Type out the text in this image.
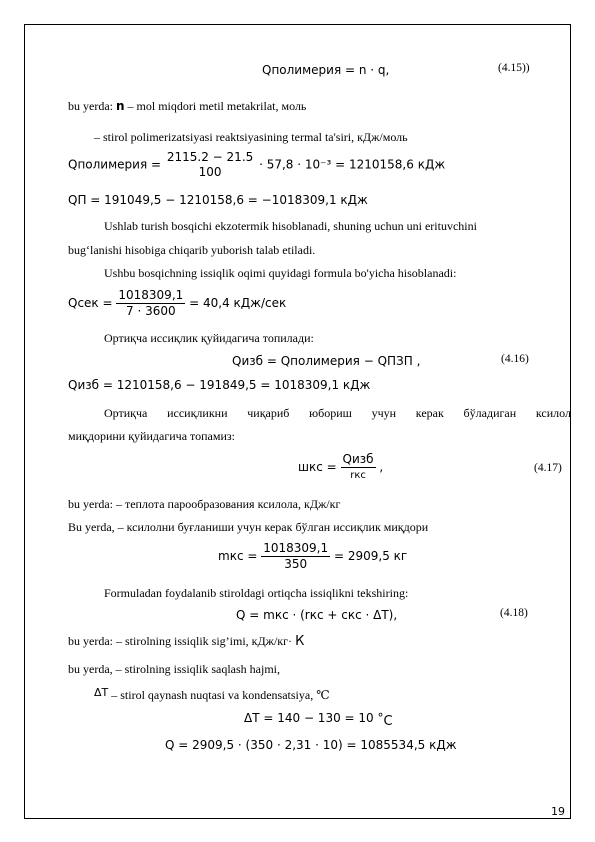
Qполимерия = n · q,	(4.15))
bu yerda: n – mol miqdori metil metakrilat, моль
– stirol polimerizatsiyasi reaktsiyasining termal ta'siri, кДж/моль
Qполимерия =
2115.2 − 21.5
100
· 57,8 · 10⁻³ = 1210158,6 кДж
QП = 191049,5 − 1210158,6 = −1018309,1 кДж
Ushlab turish bosqichi ekzotermik hisoblanadi, shuning uchun uni erituvchini
bug‘lanishi hisobiga chiqarib yuborish talab etiladi.
Ushbu bosqichning issiqlik oqimi quyidagi formula bo'yicha hisoblanadi:
Qсек = $\frac{1018309,1}{7 \cdot 3600} = 40,4$ кДж/сек
Ортиқча иссиқлик қуйидагича топилади:
Qизб = Qполимерия − QПЗП ,	(4.16)
Qизб = 1210158,6 − 191849,5 = 1018309,1 кДж
Ортиқча иссиқликни чиқариб юбориш учун керак бўладиган ксилол
миқдорини қуйидагича топамиз:
шкс = $\frac{\text{Qизб}}{\text{rкс}}$ ,	(4.17)
bu yerda: – теплота парообразования ксилола, кДж/кг
Bu yerda, – ксилолни буғланиши учун керак бўлган иссиқлик миқдори
mкс = $\frac{1018309,1}{350} = 2909,5$ кг
Formuladan foydalanib stiroldagi ortiqcha issiqlikni tekshiring:
Q = mкс · (rкс + cкс · ΔT),	(4.18)
bu yerda: – stirolning issiqlik sig’imi, кДж/кг· К
bu yerda, – stirolning issiqlik saqlash hajmi,
ΔT – stirol qaynash nuqtasi va kondensatsiya, ℃
ΔT = 140 − 130 = 10 °C
Q = 2909,5 · (350 · 2,31 · 10) = 1085534,5 кДж
19
